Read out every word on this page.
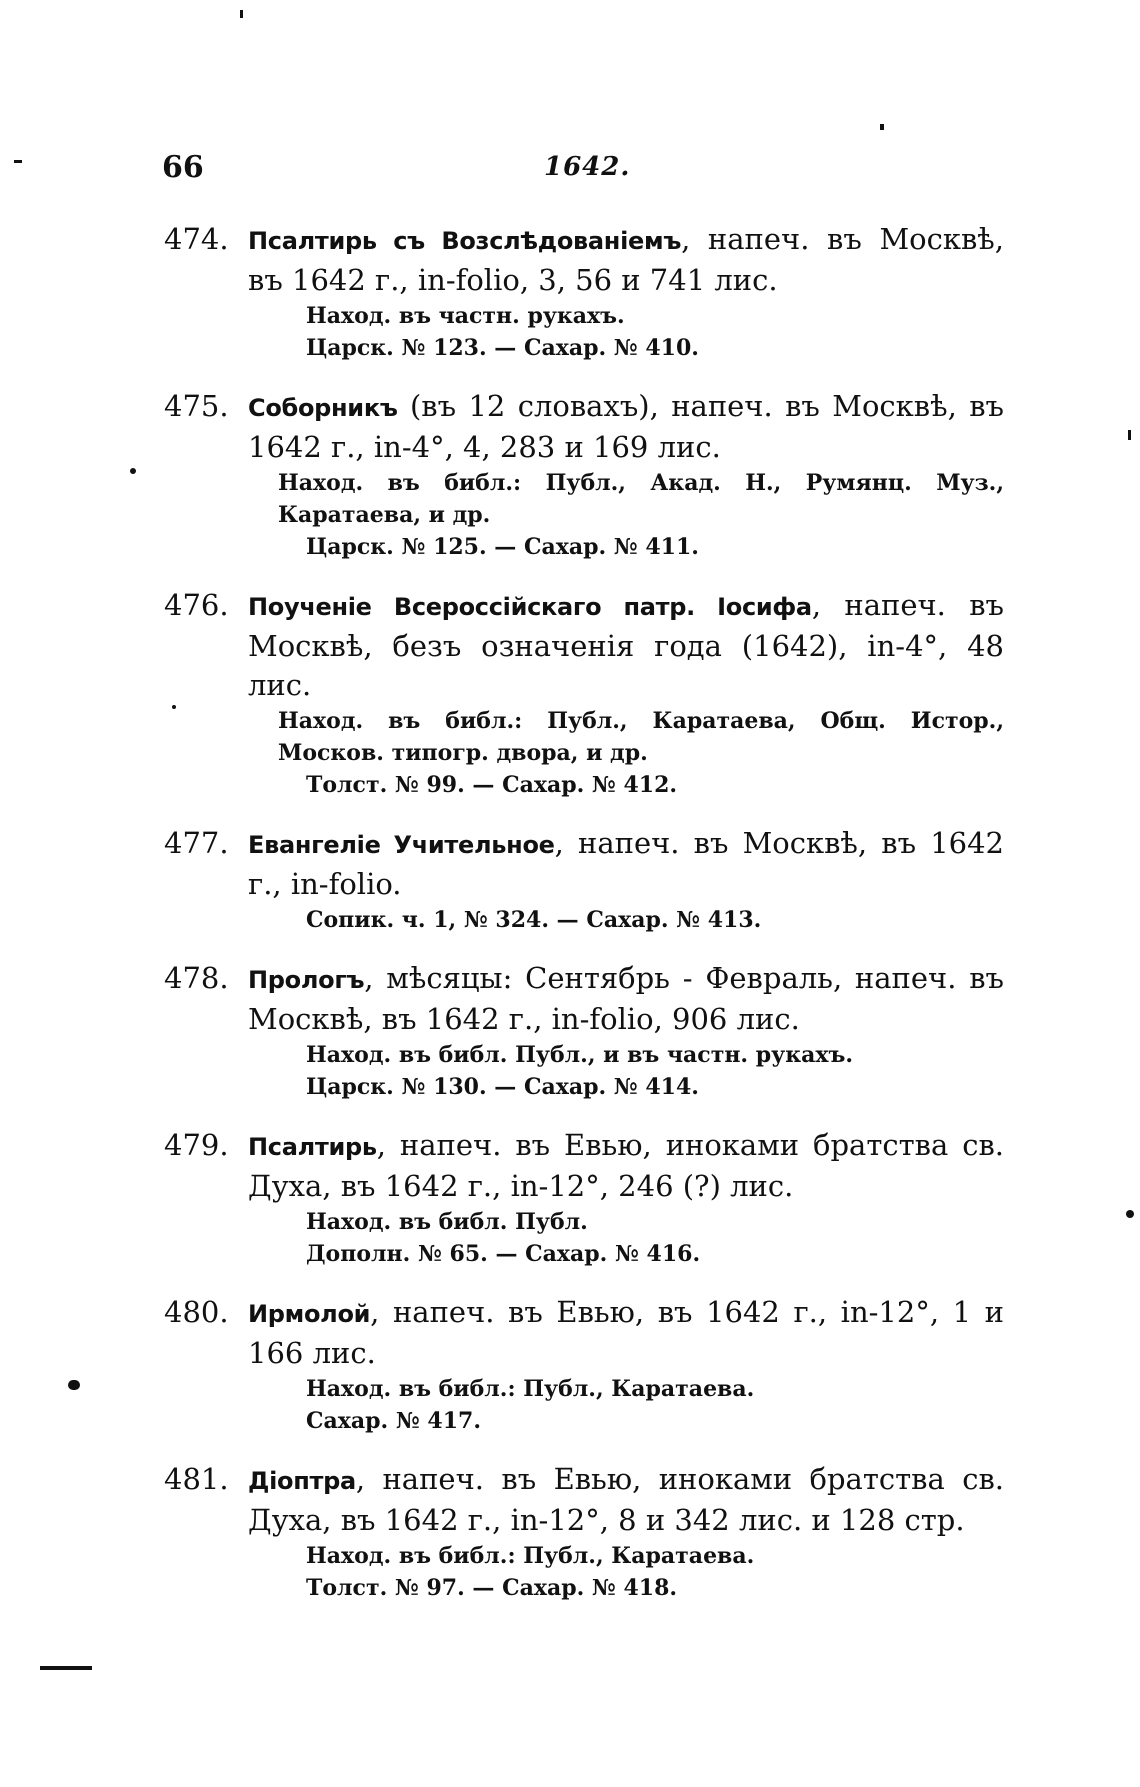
66	1642.
474. Псалтирь съ Возслѣдованіемъ, напеч. въ Москвѣ, въ 1642 г., in-folio, 3, 56 и 741 лис.
Наход. въ частн. рукахъ.
Царск. № 123. — Сахар. № 410.
475. Соборникъ (въ 12 словахъ), напеч. въ Москвѣ, въ 1642 г., in-4°, 4, 283 и 169 лис.
Наход. въ библ.: Публ., Акад. Н., Румянц. Муз., Каратаева, и др.
Царск. № 125. — Сахар. № 411.
476. Поученіе Всероссійскаго патр. Іосифа, напеч. въ Москвѣ, безъ означенія года (1642), in-4°, 48 лис.
Наход. въ библ.: Публ., Каратаева, Общ. Истор., Москов. типогр. двора, и др.
Толст. № 99. — Сахар. № 412.
477. Евангеліе Учительное, напеч. въ Москвѣ, въ 1642 г., in-folio.
Сопик. ч. 1, № 324. — Сахар. № 413.
478. Прологъ, мѣсяцы: Сентябрь - Февраль, напеч. въ Москвѣ, въ 1642 г., in-folio, 906 лис.
Наход. въ библ. Публ., и въ частн. рукахъ.
Царск. № 130. — Сахар. № 414.
479. Псалтирь, напеч. въ Евью, иноками братства св. Духа, въ 1642 г., in-12°, 246 (?) лис.
Наход. въ библ. Публ.
Дополн. № 65. — Сахар. № 416.
480. Ирмолой, напеч. въ Евью, въ 1642 г., in-12°, 1 и 166 лис.
Наход. въ библ.: Публ., Каратаева.
Сахар. № 417.
481. Діоптра, напеч. въ Евью, иноками братства св. Духа, въ 1642 г., in-12°, 8 и 342 лис. и 128 стр.
Наход. въ библ.: Публ., Каратаева.
Толст. № 97. — Сахар. № 418.
